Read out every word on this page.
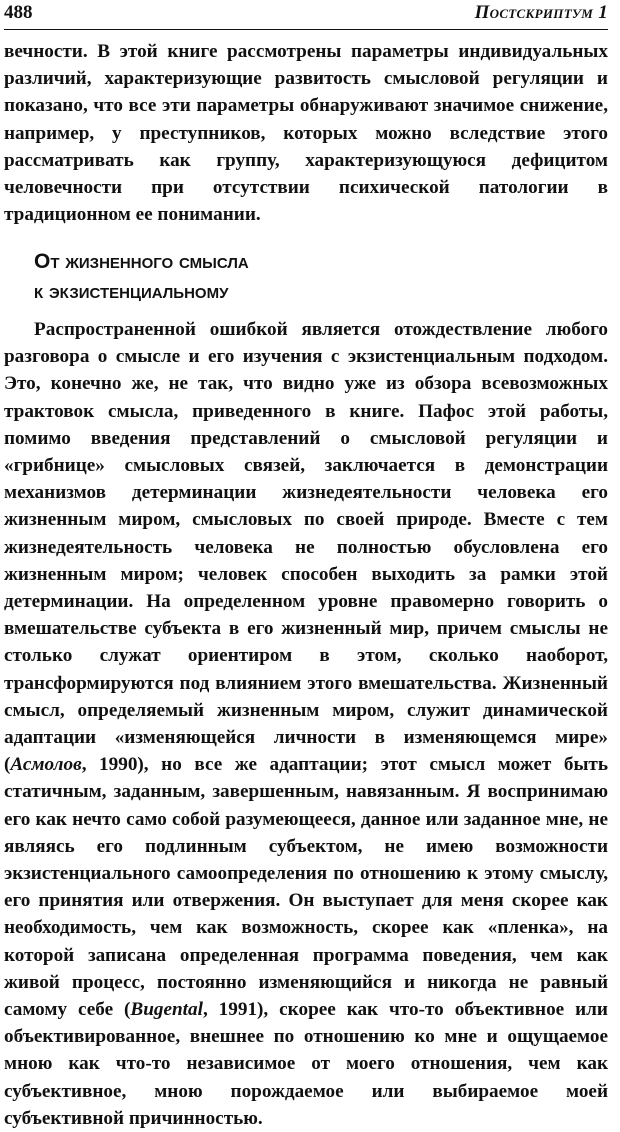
488	Постскриптум 1

вечности. В этой книге рассмотрены параметры индивидуальных различий, характеризующие развитость смысловой регуляции и показано, что все эти параметры обнаруживают значимое снижение, например, у преступников, которых можно вследствие этого рассматривать как группу, характеризующуюся дефицитом человечности при отсутствии психической патологии в традиционном ее понимании.

От жизненного смысла
к экзистенциальному

Распространенной ошибкой является отождествление любого разговора о смысле и его изучения с экзистенциальным подходом. Это, конечно же, не так, что видно уже из обзора всевозможных трактовок смысла, приведенного в книге. Пафос этой работы, помимо введения представлений о смысловой регуляции и «грибнице» смысловых связей, заключается в демонстрации механизмов детерминации жизнедеятельности человека его жизненным миром, смысловых по своей природе. Вместе с тем жизнедеятельность человека не полностью обусловлена его жизненным миром; человек способен выходить за рамки этой детерминации. На определенном уровне правомерно говорить о вмешательстве субъекта в его жизненный мир, причем смыслы не столько служат ориентиром в этом, сколько наоборот, трансформируются под влиянием этого вмешательства. Жизненный смысл, определяемый жизненным миром, служит динамической адаптации «изменяющейся личности в изменяющемся мире» (Асмолов, 1990), но все же адаптации; этот смысл может быть статичным, заданным, завершенным, навязанным. Я воспринимаю его как нечто само собой разумеющееся, данное или заданное мне, не являясь его подлинным субъектом, не имею возможности экзистенциального самоопределения по отношению к этому смыслу, его принятия или отвержения. Он выступает для меня скорее как необходимость, чем как возможность, скорее как «пленка», на которой записана определенная программа поведения, чем как живой процесс, постоянно изменяющийся и никогда не равный самому себе (Bugental, 1991), скорее как что-то объективное или объективированное, внешнее по отношению ко мне и ощущаемое мною как что-то независимое от моего отношения, чем как субъективное, мною порождаемое или выбираемое моей субъективной причинностью.
